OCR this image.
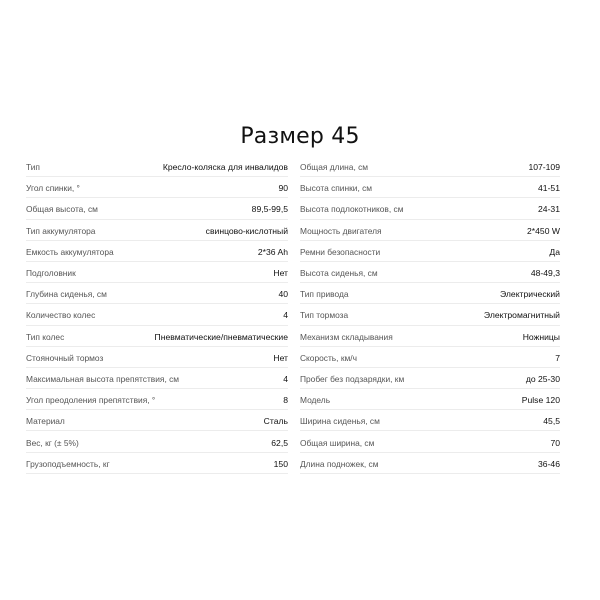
Размер 45
Тип	Кресло-коляска для инвалидов
Угол спинки, °	90
Общая высота, см	89,5-99,5
Тип аккумулятора	свинцово-кислотный
Емкость аккумулятора	2*36 Ah
Подголовник	Нет
Глубина сиденья, см	40
Количество колес	4
Тип колес	Пневматические/пневматические
Стояночный тормоз	Нет
Максимальная высота препятствия, см	4
Угол преодоления препятствия, °	8
Материал	Сталь
Вес, кг (± 5%)	62,5
Грузоподъемность, кг	150
Общая длина, см	107-109
Высота спинки, см	41-51
Высота подлокотников, см	24-31
Мощность двигателя	2*450 W
Ремни безопасности	Да
Высота сиденья, см	48-49,3
Тип привода	Электрический
Тип тормоза	Электромагнитный
Механизм складывания	Ножницы
Скорость, км/ч	7
Пробег без подзарядки, км	до 25-30
Модель	Pulse 120
Ширина сиденья, см	45,5
Общая ширина, см	70
Длина подножек, см	36-46
